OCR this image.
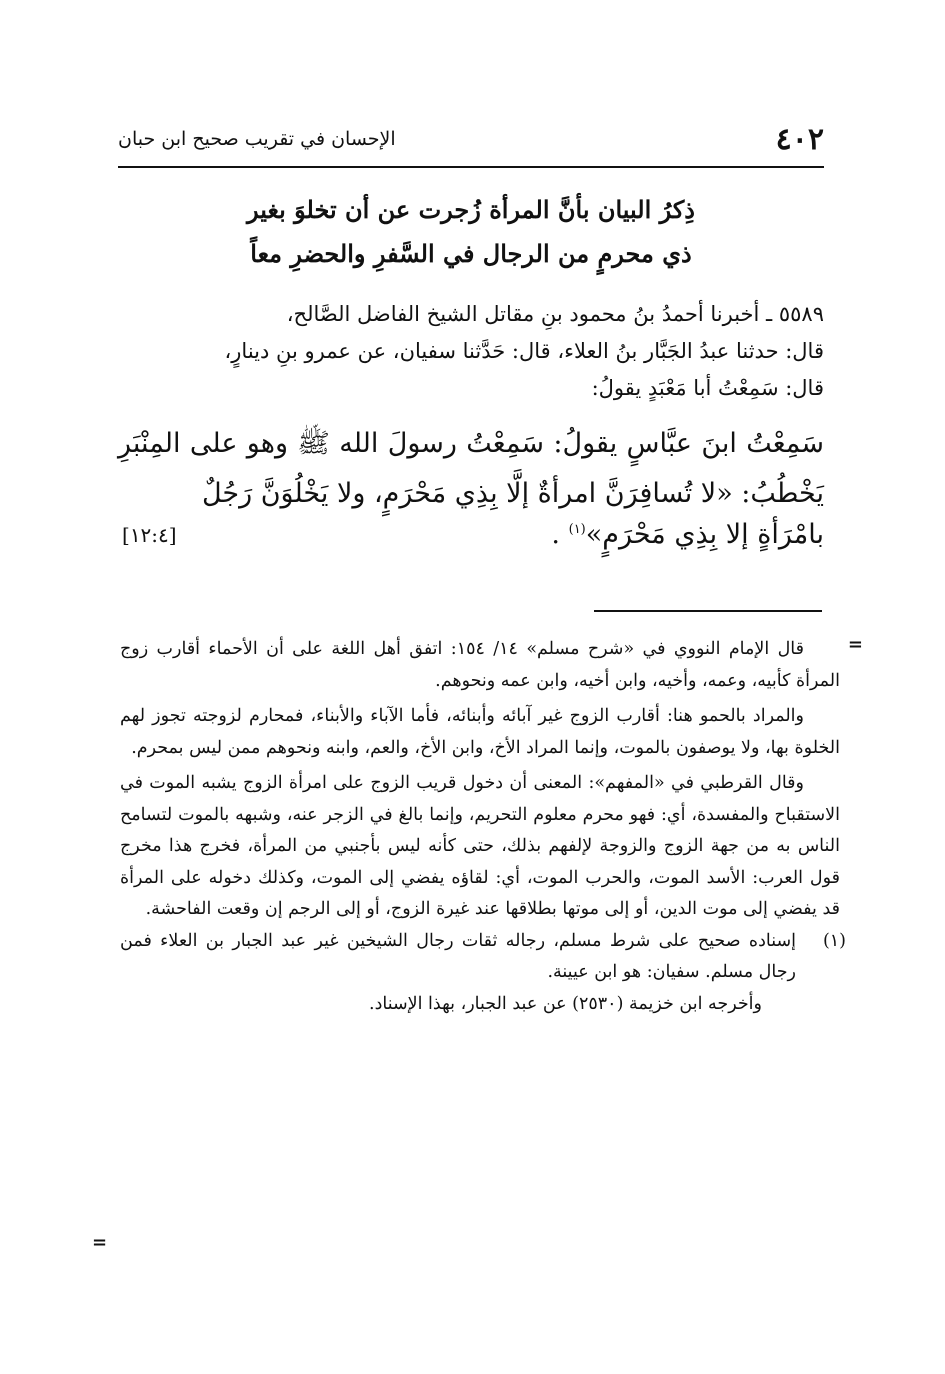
٤٠٢
الإحسان في تقريب صحيح ابن حبان
ذِكرُ البيان بأنَّ المرأة زُجرت عن أن تخلوَ بغير
ذي محرمٍ من الرجال في السَّفرِ والحضرِ معاً

٥٥٨٩ ـ أخبرنا أحمدُ بنُ محمود بنِ مقاتل الشيخ الفاضل الصَّالح،

قال: حدثنا عبدُ الجَبَّار بنُ العلاء، قال: حَدَّثنا سفيان، عن عمرو بنِ دينارٍ،

قال: سَمِعْتُ أبا مَعْبَدٍ يقولُ:

سَمِعْتُ ابنَ عبَّاسٍ يقولُ: سَمِعْتُ رسولَ الله ﷺ وهو على المِنْبَرِ يَخْطُبُ: «لا تُسافِرَنَّ امرأةٌ إلَّا بِذِي مَحْرَمٍ، ولا يَخْلُوَنَّ رَجُلٌ

بامْرَأةٍ إلا بِذِي مَحْرَمٍ»$^{(١)}$ .
[١٢:٤]
=

قال الإمام النووي في «شرح مسلم» ١٤/ ١٥٤: اتفق أهل اللغة على أن الأحماء أقارب زوج المرأة كأبيه، وعمه، وأخيه، وابن أخيه، وابن عمه ونحوهم.

والمراد بالحمو هنا: أقارب الزوج غير آبائه وأبنائه، فأما الآباء والأبناء، فمحارم لزوجته تجوز لهم الخلوة بها، ولا يوصفون بالموت، وإنما المراد الأخ، وابن الأخ، والعم، وابنه ونحوهم ممن ليس بمحرم.

وقال القرطبي في «المفهم»: المعنى أن دخول قريب الزوج على امرأة الزوج يشبه الموت في الاستقباح والمفسدة، أي: فهو محرم معلوم التحريم، وإنما بالغ في الزجر عنه، وشبهه بالموت لتسامح الناس به من جهة الزوج والزوجة لإلفهم بذلك، حتى كأنه ليس بأجنبي من المرأة، فخرج هذا مخرج قول العرب: الأسد الموت، والحرب الموت، أي: لقاؤه يفضي إلى الموت، وكذلك دخوله على المرأة قد يفضي إلى موت الدين، أو إلى موتها بطلاقها عند غيرة الزوج، أو إلى الرجم إن وقعت الفاحشة.

(١)

إسناده صحيح على شرط مسلم، رجاله ثقات رجال الشيخين غير عبد الجبار بن العلاء فمن رجال مسلم. سفيان: هو ابن عيينة.

وأخرجه ابن خزيمة (٢٥٣٠) عن عبد الجبار، بهذا الإسناد.

=
